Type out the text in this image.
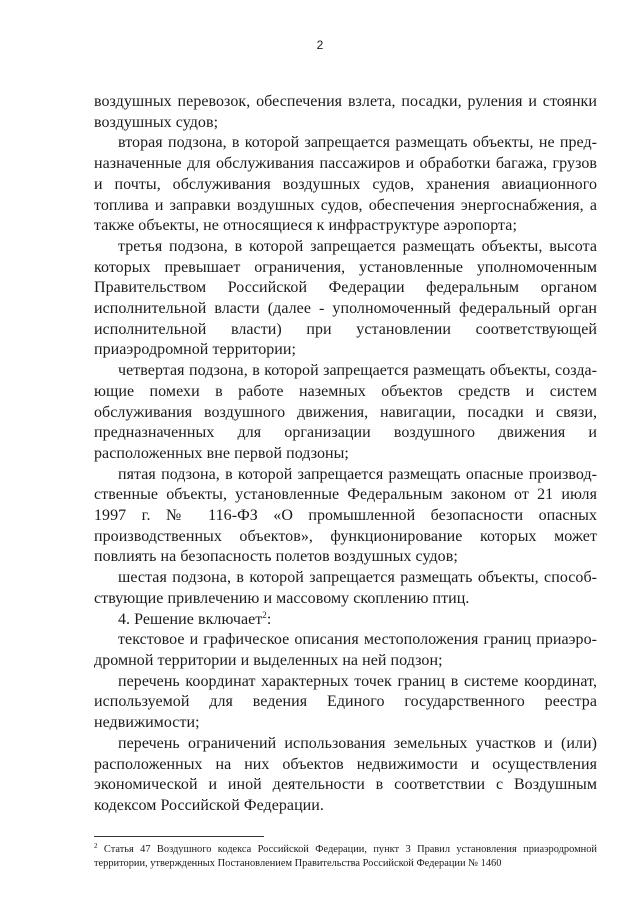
2

воздушных перевозок, обеспечения взлета, посадки, руления и стоянки воздушных судов;

вторая подзона, в которой запрещается размещать объекты, не предназначенные для обслуживания пассажиров и обработки багажа, грузов и почты, обслуживания воздушных судов, хранения авиационного топлива и заправки воздушных судов, обеспечения энергоснабжения, а также объекты, не относящиеся к инфраструктуре аэропорта;

третья подзона, в которой запрещается размещать объекты, высота которых превышает ограничения, установленные уполномоченным Правительством Российской Федерации федеральным органом исполнительной власти (далее - уполномоченный федеральный орган исполнительной власти) при установлении соответствующей приаэродромной территории;

четвертая подзона, в которой запрещается размещать объекты, создающие помехи в работе наземных объектов средств и систем обслуживания воздушного движения, навигации, посадки и связи, предназначенных для организации воздушного движения и расположенных вне первой подзоны;

пятая подзона, в которой запрещается размещать опасные производственные объекты, установленные Федеральным законом от 21 июля 1997 г. № 116-ФЗ «О промышленной безопасности опасных производственных объектов», функционирование которых может повлиять на безопасность полетов воздушных судов;

шестая подзона, в которой запрещается размещать объекты, способствующие привлечению и массовому скоплению птиц.

4. Решение включает$^2$:

текстовое и графическое описания местоположения границ приаэродромной территории и выделенных на ней подзон;

перечень координат характерных точек границ в системе координат, используемой для ведения Единого государственного реестра недвижимости;

перечень ограничений использования земельных участков и (или) расположенных на них объектов недвижимости и осуществления экономической и иной деятельности в соответствии с Воздушным кодексом Российской Федерации.

$^2$ Статья 47 Воздушного кодекса Российской Федерации, пункт 3 Правил установления приаэродромной территории, утвержденных Постановлением Правительства Российской Федерации № 1460
